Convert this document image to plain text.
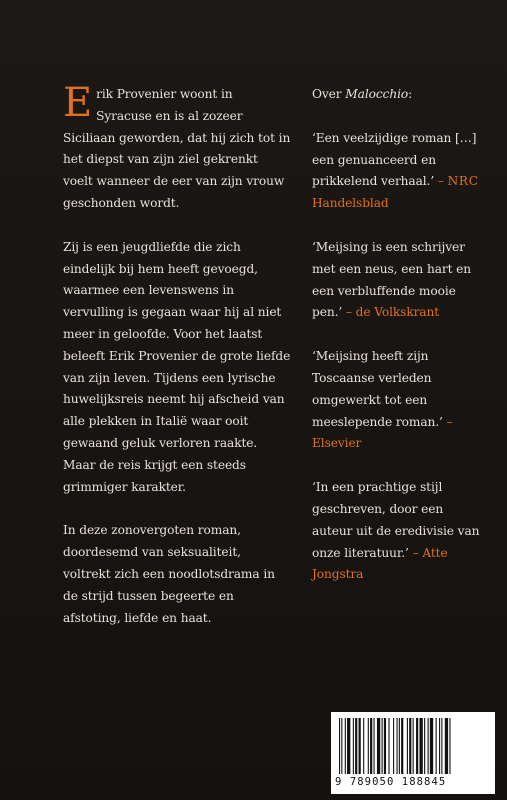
Erik Provenier woont in Syracuse en is al zozeer Siciliaan geworden, dat hij zich tot in het diepst van zijn ziel gekrenkt voelt wanneer de eer van zijn vrouw geschonden wordt.

Zij is een jeugdliefde die zich eindelijk bij hem heeft gevoegd, waarmee een levenswens in vervulling is gegaan waar hij al niet meer in geloofde. Voor het laatst beleeft Erik Provenier de grote liefde van zijn leven. Tijdens een lyrische huwelijksreis neemt hij afscheid van alle plekken in Italië waar ooit gewaand geluk verloren raakte. Maar de reis krijgt een steeds grimmiger karakter.

In deze zonovergoten roman, doordesemd van seksualiteit, voltrekt zich een noodlotsdrama in de strijd tussen begeerte en afstoting, liefde en haat.

Over Malocchio:

‘Een veelzijdige roman […] een genuanceerd en prikkelend verhaal.’ – NRC Handelsblad

‘Meijsing is een schrijver met een neus, een hart en een verbluffende mooie pen.’ – de Volkskrant

‘Meijsing heeft zijn Toscaanse verleden omgewerkt tot een meeslepende roman.’ – Elsevier

‘In een prachtige stijl geschreven, door een auteur uit de eredivisie van onze literatuur.’ – Atte Jongstra

9 789050 188845
